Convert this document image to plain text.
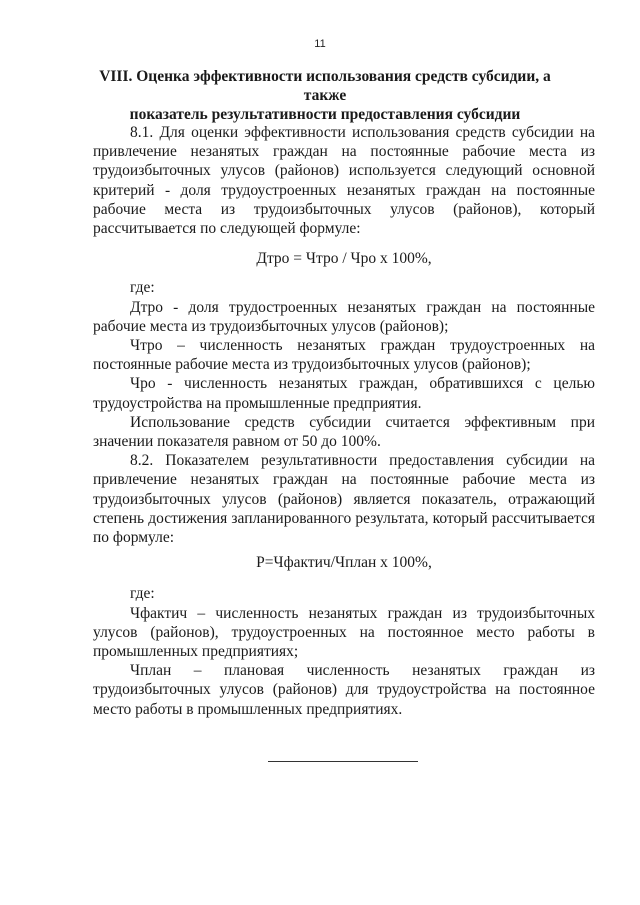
11
VIII. Оценка эффективности использования средств субсидии, а также
показатель результативности предоставления субсидии

8.1. Для оценки эффективности использования средств субсидии на привлечение незанятых граждан на постоянные рабочие места из трудоизбыточных улусов (районов) используется следующий основной критерий - доля трудоустроенных незанятых граждан на постоянные рабочие места из трудоизбыточных улусов (районов), который рассчитывается по следующей формуле:

Дтро = Чтро / Чро х 100%,

где:

Дтро - доля трудостроенных незанятых граждан на постоянные рабочие места из трудоизбыточных улусов (районов);

Чтро – численность незанятых граждан трудоустроенных на постоянные рабочие места из трудоизбыточных улусов (районов);

Чро - численность незанятых граждан, обратившихся с целью трудоустройства на промышленные предприятия.

Использование средств субсидии считается эффективным при значении показателя равном от 50 до 100%.

8.2. Показателем результативности предоставления субсидии на привлечение незанятых граждан на постоянные рабочие места из трудоизбыточных улусов (районов) является показатель, отражающий степень достижения запланированного результата, который рассчитывается по формуле:

Р=Чфактич/Чплан х 100%,

где:

Чфактич – численность незанятых граждан из трудоизбыточных улусов (районов), трудоустроенных на постоянное место работы в промышленных предприятиях;

Чплан – плановая численность незанятых граждан из трудоизбыточных улусов (районов) для трудоустройства на постоянное место работы в промышленных предприятиях.
